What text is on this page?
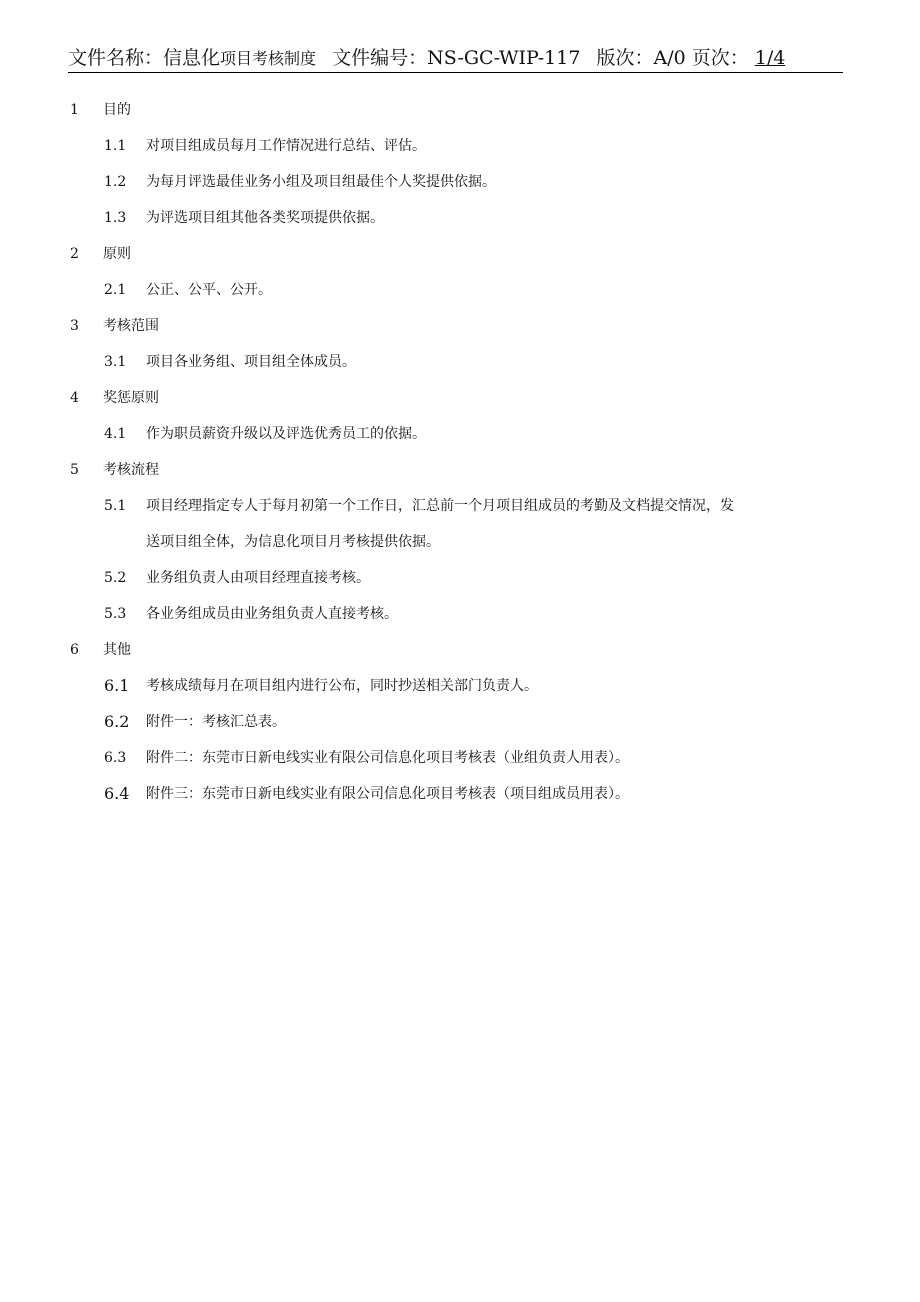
文件名称：信息化项目考核制度 文件编号：NS-GC-WIP-117 版次：A/0 页次： 1/4
1 目的
1.1 对项目组成员每月工作情况进行总结、评估。
1.2 为每月评选最佳业务小组及项目组最佳个人奖提供依据。
1.3 为评选项目组其他各类奖项提供依据。
2 原则
2.1 公正、公平、公开。
3 考核范围
3.1 项目各业务组、项目组全体成员。
4 奖惩原则
4.1 作为职员薪资升级以及评选优秀员工的依据。
5 考核流程
5.1 项目经理指定专人于每月初第一个工作日，汇总前一个月项目组成员的考勤及文档提交情况，发
送项目组全体，为信息化项目月考核提供依据。
5.2 业务组负责人由项目经理直接考核。
5.3 各业务组成员由业务组负责人直接考核。
6 其他
6.1 考核成绩每月在项目组内进行公布，同时抄送相关部门负责人。
6.2 附件一：考核汇总表。
6.3 附件二：东莞市日新电线实业有限公司信息化项目考核表（业组负责人用表）。
6.4 附件三：东莞市日新电线实业有限公司信息化项目考核表（项目组成员用表）。
